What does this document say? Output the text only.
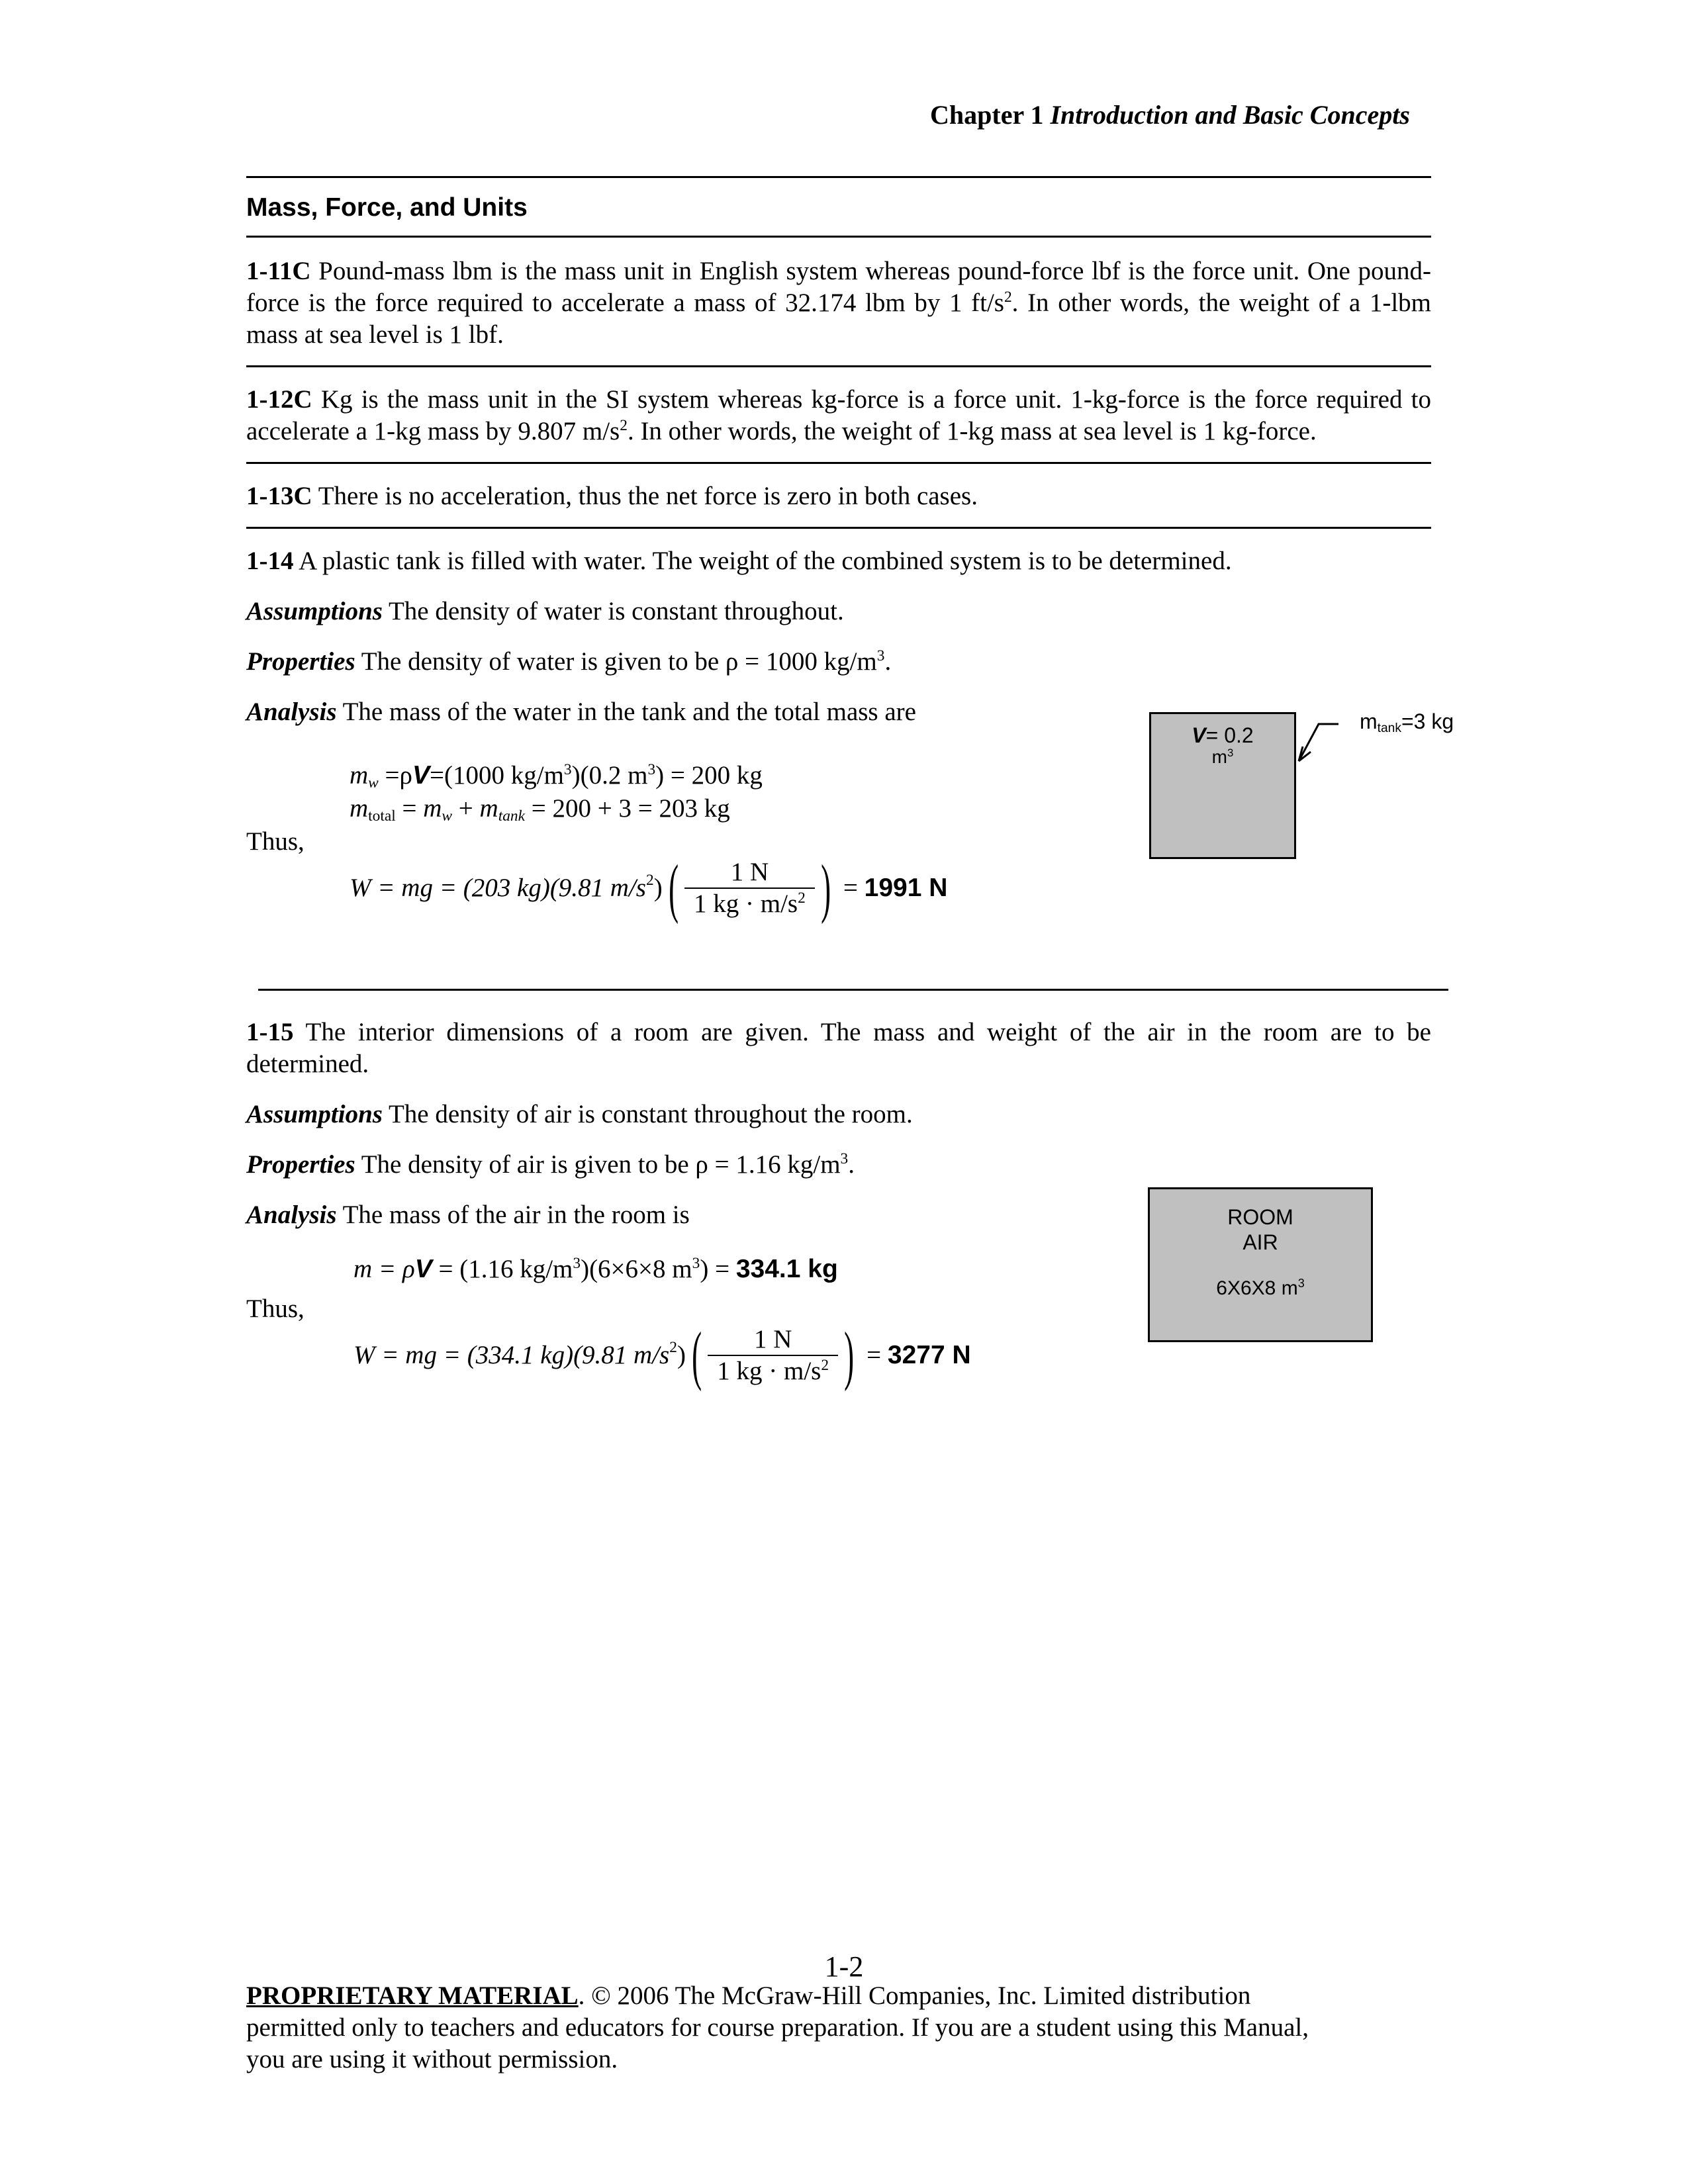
Chapter 1 Introduction and Basic Concepts
Mass, Force, and Units
1-11C Pound-mass lbm is the mass unit in English system whereas pound-force lbf is the force unit. One pound-force is the force required to accelerate a mass of 32.174 lbm by 1 $ft/s^2$. In other words, the weight of a 1-lbm mass at sea level is 1 lbf.
1-12C Kg is the mass unit in the SI system whereas kg-force is a force unit. 1-kg-force is the force required to accelerate a 1-kg mass by 9.807 $m/s^2$. In other words, the weight of 1-kg mass at sea level is 1 kg-force.
1-13C There is no acceleration, thus the net force is zero in both cases.
1-14 A plastic tank is filled with water. The weight of the combined system is to be determined.
Assumptions The density of water is constant throughout.
Properties The density of water is given to be ρ = 1000 $kg/m^3$.
Analysis The mass of the water in the tank and the total mass are
$m_w =\rho V=(1000$ $kg/m^3)(0.2$ $m^3) = 200$ kg
$m_{total} = m_w + m_{tank} = 200 + 3 = 203$ kg
Thus,
W = mg = (203 kg)(9.81 $m/s^2)( \frac{1 N}{1 kg \cdot m/s^2}$ ) = 1991 N
V= 0.2
$m^3$
$m_{tank}=3$ kg
1-15 The interior dimensions of a room are given. The mass and weight of the air in the room are to be determined.
Assumptions The density of air is constant throughout the room.
Properties The density of air is given to be ρ = 1.16 $kg/m^3$.
Analysis The mass of the air in the room is
m = ρV = (1.16 $kg/m^3)(6\times 6\times 8$ $m^3) = 334.1$ kg
Thus,
W = mg = (334.1 kg)(9.81 $m/s^2)( \frac{1 N}{1 kg \cdot m/s^2}$ ) = 3277 N
ROOM
AIR
6X6X8 $m^3$
1-2
PROPRIETARY MATERIAL. © 2006 The McGraw-Hill Companies, Inc. Limited distribution
permitted only to teachers and educators for course preparation. If you are a student using this Manual,
you are using it without permission.
